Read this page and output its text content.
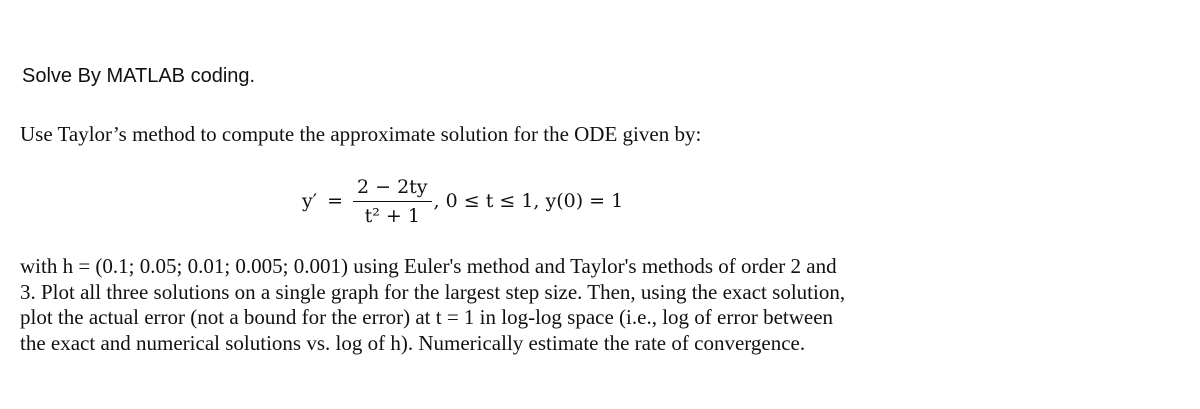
Solve By MATLAB coding.
Use Taylor’s method to compute the approximate solution for the ODE given by:
$y' = \frac{2 - 2ty}{\text{t² + 1}}$ , 0 ≤ t ≤ 1, y(0) = 1
with h = (0.1; 0.05; 0.01; 0.005; 0.001) using Euler's method and Taylor's methods of order 2 and
3. Plot all three solutions on a single graph for the largest step size. Then, using the exact solution,
plot the actual error (not a bound for the error) at t = 1 in log-log space (i.e., log of error between
the exact and numerical solutions vs. log of h). Numerically estimate the rate of convergence.
